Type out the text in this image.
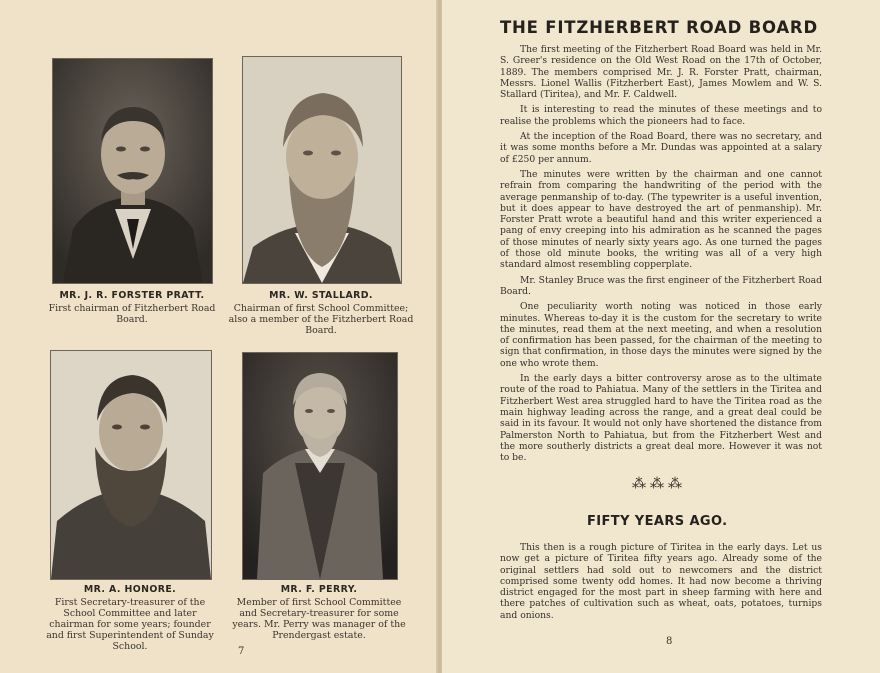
MR. J. R. FORSTER PRATT.
First chairman of Fitzherbert Road Board.
MR. W. STALLARD.
Chairman of first School Committee; also a member of the Fitzherbert Road Board.
MR. A. HONORE.
First Secretary-treasurer of the School Committee and later chairman for some years; founder and first Superintendent of Sunday School.
MR. F. PERRY.
Member of first School Committee and Secretary-treasurer for some years. Mr. Perry was manager of the Prendergast estate.
7
THE FITZHERBERT ROAD BOARD

The first meeting of the Fitzherbert Road Board was held in Mr. S. Greer's residence on the Old West Road on the 17th of October, 1889. The members comprised Mr. J. R. Forster Pratt, chairman, Messrs. Lionel Wallis (Fitzherbert East), James Mowlem and W. S. Stallard (Tiritea), and Mr. F. Caldwell.

It is interesting to read the minutes of these meetings and to realise the problems which the pioneers had to face.

At the inception of the Road Board, there was no secretary, and it was some months before a Mr. Dundas was appointed at a salary of £250 per annum.

The minutes were written by the chairman and one cannot refrain from comparing the handwriting of the period with the average penmanship of to-day. (The typewriter is a useful invention, but it does appear to have destroyed the art of penmanship). Mr. Forster Pratt wrote a beautiful hand and this writer experienced a pang of envy creeping into his admiration as he scanned the pages of those minutes of nearly sixty years ago. As one turned the pages of those old minute books, the writing was all of a very high standard almost resembling copperplate.

Mr. Stanley Bruce was the first engineer of the Fitzherbert Road Board.

One peculiarity worth noting was noticed in those early minutes. Whereas to-day it is the custom for the secretary to write the minutes, read them at the next meeting, and when a resolution of confirmation has been passed, for the chairman of the meeting to sign that confirmation, in those days the minutes were signed by the one who wrote them.

In the early days a bitter controversy arose as to the ultimate route of the road to Pahiatua. Many of the settlers in the Tiritea and Fitzherbert West area struggled hard to have the Tiritea road as the main highway leading across the range, and a great deal could be said in its favour. It would not only have shortened the distance from Palmerston North to Pahiatua, but from the Fitzherbert West and the more southerly districts a great deal more. However it was not to be.

⁂⁂⁂
FIFTY YEARS AGO.

This then is a rough picture of Tiritea in the early days. Let us now get a picture of Tiritea fifty years ago. Already some of the original settlers had sold out to newcomers and the district comprised some twenty odd homes. It had now become a thriving district engaged for the most part in sheep farming with here and there patches of cultivation such as wheat, oats, potatoes, turnips and onions.

8
